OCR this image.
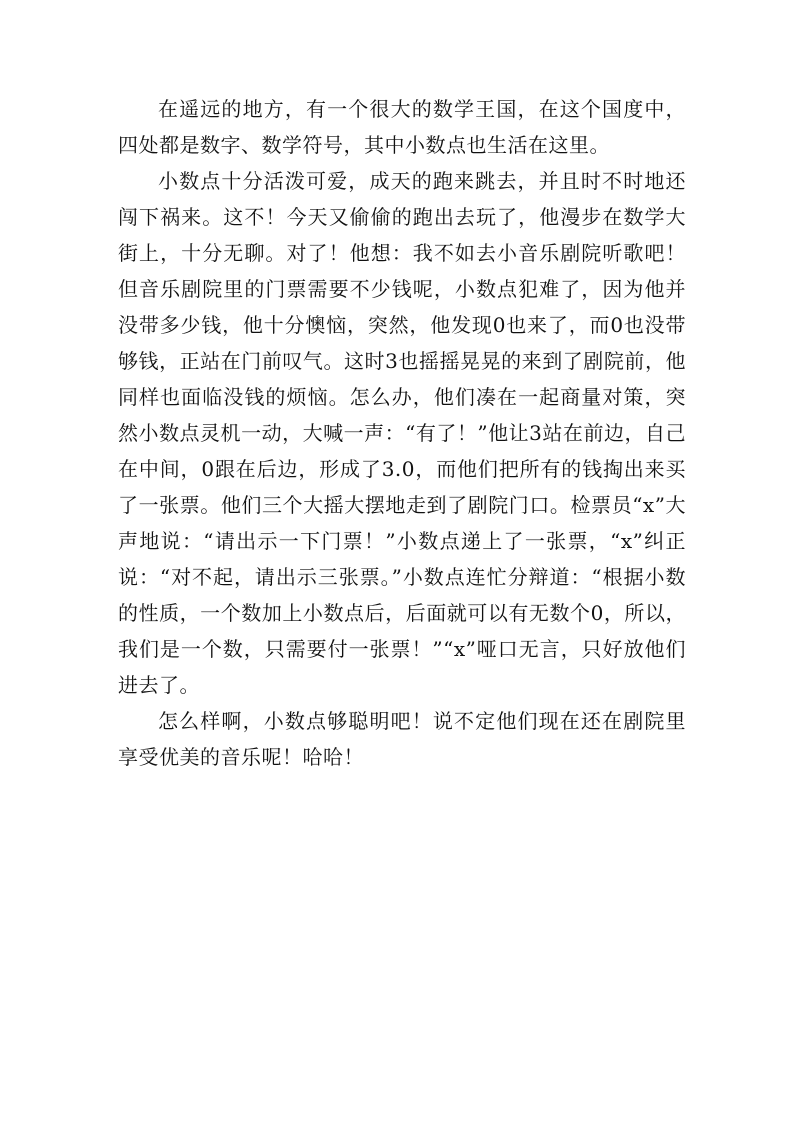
在遥远的地方，有一个很大的数学王国，在这个国度中，四处都是数字、数学符号，其中小数点也生活在这里。

小数点十分活泼可爱，成天的跑来跳去，并且时不时地还闯下祸来。这不！今天又偷偷的跑出去玩了，他漫步在数学大街上，十分无聊。对了！他想：我不如去小音乐剧院听歌吧！但音乐剧院里的门票需要不少钱呢，小数点犯难了，因为他并没带多少钱，他十分懊恼，突然，他发现0也来了，而0也没带够钱，正站在门前叹气。这时3也摇摇晃晃的来到了剧院前，他同样也面临没钱的烦恼。怎么办，他们凑在一起商量对策，突然小数点灵机一动，大喊一声：“有了！”他让3站在前边，自己在中间，0跟在后边，形成了3.0，而他们把所有的钱掏出来买了一张票。他们三个大摇大摆地走到了剧院门口。检票员“x”大声地说：“请出示一下门票！”小数点递上了一张票，“x”纠正说：“对不起，请出示三张票。”小数点连忙分辩道：“根据小数的性质，一个数加上小数点后，后面就可以有无数个0，所以，我们是一个数，只需要付一张票！”“x”哑口无言，只好放他们进去了。

怎么样啊，小数点够聪明吧！说不定他们现在还在剧院里享受优美的音乐呢！哈哈！
